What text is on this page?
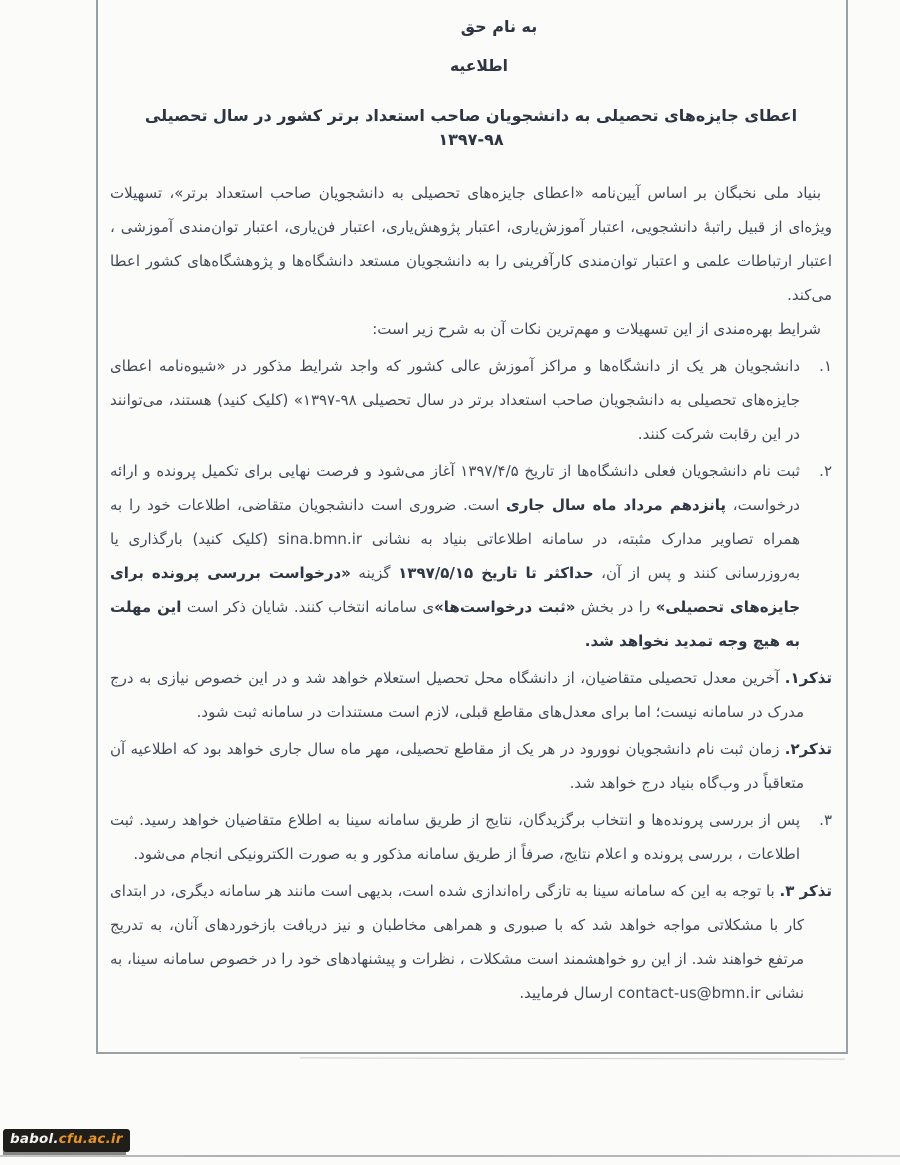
به نام حق

اطلاعیه

اعطای جایزه‌های تحصیلی به دانشجویان صاحب استعداد برتر کشور در سال تحصیلی ۹۸-۱۳۹۷

بنیاد ملی نخبگان بر اساس آیین‌نامه «اعطای جایزه‌های تحصیلی به دانشجویان صاحب استعداد برتر»، تسهیلات ویژه‌ای از قبیل راتبۀ دانشجویی، اعتبار آموزش‌یاری، اعتبار پژوهش‌یاری، اعتبار فن‌یاری، اعتبار توان‌مندی آموزشی ، اعتبار ارتباطات علمی و اعتبار توان‌مندی کارآفرینی را به دانشجویان مستعد دانشگاه‌ها و پژوهشگاه‌های کشور اعطا می‌کند.

شرایط بهره‌مندی از این تسهیلات و مهم‌ترین نکات آن به شرح زیر است:

۱.
دانشجویان هر یک از دانشگاه‌ها و مراکز آموزش عالی کشور که واجد شرایط مذکور در «شیوه‌نامه اعطای جایزه‌های تحصیلی به دانشجویان صاحب استعداد برتر در سال تحصیلی ۹۸-۱۳۹۷» (کلیک کنید) هستند، می‌توانند در این رقابت شرکت کنند.
۲.
ثبت نام دانشجویان فعلی دانشگاه‌ها از تاریخ ۱۳۹۷/۴/۵ آغاز می‌شود و فرصت نهایی برای تکمیل پرونده و ارائه درخواست، پانزدهم مرداد ماه سال جاری است. ضروری است دانشجویان متقاضی، اطلاعات خود را به همراه تصاویر مدارک مثبته، در سامانه اطلاعاتی بنیاد به نشانی sina.bmn.ir (کلیک کنید) بارگذاری یا به‌روزرسانی کنند و پس از آن، حداکثر تا تاریخ ۱۳۹۷/۵/۱۵ گزینه «درخواست بررسی پرونده برای جایزه‌های تحصیلی» را در بخش «ثبت درخواست‌ها»ی سامانه انتخاب کنند. شایان ذکر است این مهلت به هیچ وجه تمدید نخواهد شد.

تذکر۱. آخرین معدل تحصیلی متقاضیان، از دانشگاه محل تحصیل استعلام خواهد شد و در این خصوص نیازی به درج مدرک در سامانه نیست؛ اما برای معدل‌های مقاطع قبلی، لازم است مستندات در سامانه ثبت شود.

تذکر۲. زمان ثبت نام دانشجویان نوورود در هر یک از مقاطع تحصیلی، مهر ماه سال جاری خواهد بود که اطلاعیه آن متعاقباً در وب‌گاه بنیاد درج خواهد شد.

۳.
پس از بررسی پرونده‌ها و انتخاب برگزیدگان، نتایج از طریق سامانه سینا به اطلاع متقاضیان خواهد رسید. ثبت اطلاعات ، بررسی پرونده و اعلام نتایج، صرفاً از طریق سامانه مذکور و به صورت الکترونیکی انجام می‌شود.

تذکر ۳. با توجه به این که سامانه سینا به تازگی راه‌اندازی شده است، بدیهی است مانند هر سامانه دیگری، در ابتدای کار با مشکلاتی مواجه خواهد شد که با صبوری و همراهی مخاطبان و نیز دریافت بازخوردهای آنان، به تدریج مرتفع خواهند شد. از این رو خواهشمند است مشکلات ، نظرات و پیشنهادهای خود را در خصوص سامانه سینا، به نشانی contact-us@bmn.ir ارسال فرمایید.

babol.cfu.ac.ir
